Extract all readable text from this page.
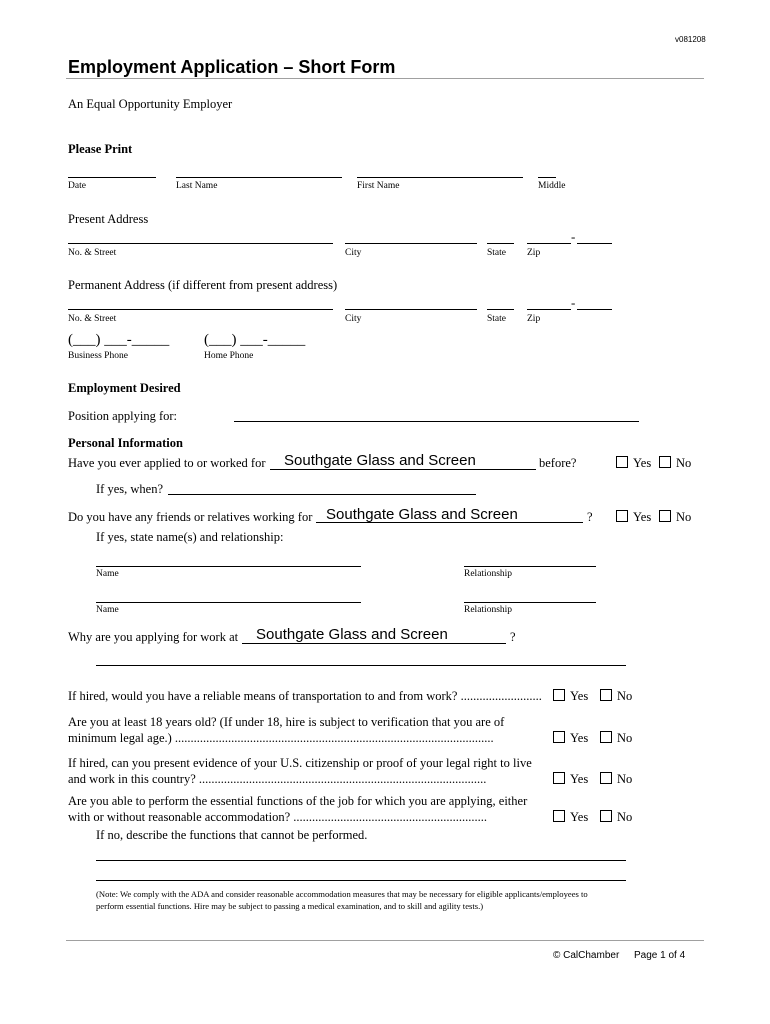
v081208
Employment Application – Short Form
An Equal Opportunity Employer
Please Print
Date	Last Name	First Name	Middle
Present Address
-
No. & Street	City	State Zip
Permanent Address (if different from present address)
-
No. & Street	City	State Zip
(___) ___-_____ (___) ___-_____
Business Phone	Home Phone
Employment Desired
Position applying for:
Personal Information
Have you ever applied to or worked for Southgate Glass and Screen	before?	Yes No
If yes, when?
Do you have any friends or relatives working for Southgate Glass and Screen	?	Yes No
If yes, state name(s) and relationship:
Name	Relationship
Name	Relationship
Why are you applying for work at Southgate Glass and Screen	?
If hired, would you have a reliable means of transportation to and from work? .......................... Yes No
Are you at least 18 years old? (If under 18, hire is subject to verification that you are of
minimum legal age.) ......................................................................................................	Yes No
If hired, can you present evidence of your U.S. citizenship or proof of your legal right to live
and work in this country? ............................................................................................	Yes No
Are you able to perform the essential functions of the job for which you are applying, either
with or without reasonable accommodation? ..............................................................	Yes No
If no, describe the functions that cannot be performed.
(Note: We comply with the ADA and consider reasonable accommodation measures that may be necessary for eligible applicants/employees to
perform essential functions. Hire may be subject to passing a medical examination, and to skill and agility tests.)
© CalChamber Page 1 of 4
